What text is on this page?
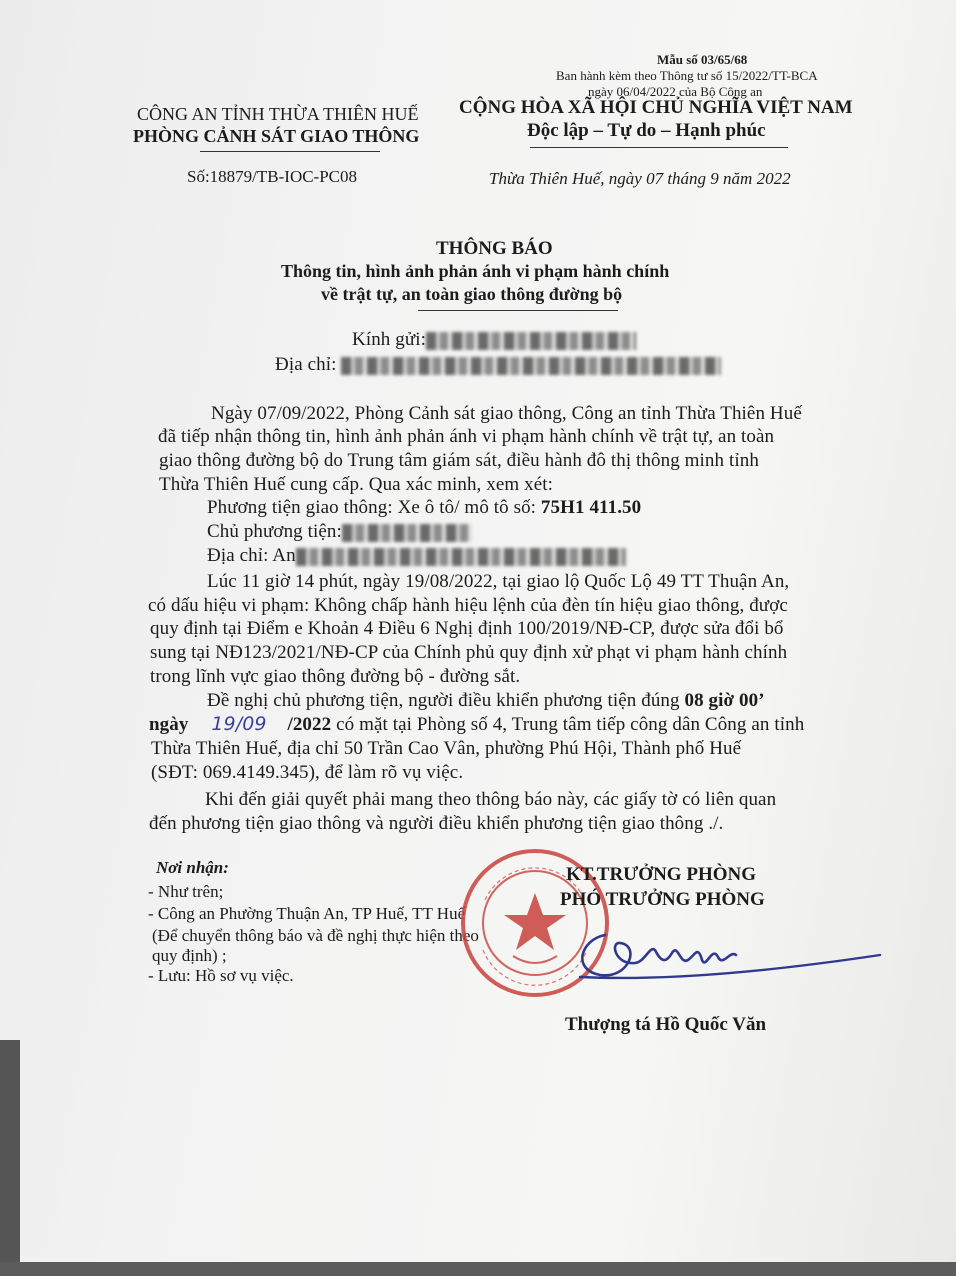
Mẫu số 03/65/68
Ban hành kèm theo Thông tư số 15/2022/TT-BCA
ngày 06/04/2022 của Bộ Công an
CÔNG AN TỈNH THỪA THIÊN HUẾ
PHÒNG CẢNH SÁT GIAO THÔNG
CỘNG HÒA XÃ HỘI CHỦ NGHĨA VIỆT NAM
Độc lập – Tự do – Hạnh phúc
Số:18879/TB-IOC-PC08	Thừa Thiên Huế, ngày 07 tháng 9 năm 2022
THÔNG BÁO
Thông tin, hình ảnh phản ánh vi phạm hành chính
về trật tự, an toàn giao thông đường bộ
Kính gửi:
Địa chỉ:
Ngày 07/09/2022, Phòng Cảnh sát giao thông, Công an tỉnh Thừa Thiên Huế
đã tiếp nhận thông tin, hình ảnh phản ánh vi phạm hành chính về trật tự, an toàn
giao thông đường bộ do Trung tâm giám sát, điều hành đô thị thông minh tỉnh
Thừa Thiên Huế cung cấp. Qua xác minh, xem xét:
Phương tiện giao thông: Xe ô tô/ mô tô số: 75H1 411.50
Chủ phương tiện:
Địa chỉ: An
Lúc 11 giờ 14 phút, ngày 19/08/2022, tại giao lộ Quốc Lộ 49 TT Thuận An,
có dấu hiệu vi phạm: Không chấp hành hiệu lệnh của đèn tín hiệu giao thông, được
quy định tại Điểm e Khoản 4 Điều 6 Nghị định 100/2019/NĐ-CP, được sửa đổi bổ
sung tại NĐ123/2021/NĐ-CP của Chính phủ quy định xử phạt vi phạm hành chính
trong lĩnh vực giao thông đường bộ - đường sắt.
Đề nghị chủ phương tiện, người điều khiển phương tiện đúng 08 giờ 00’
ngày 19/09 /2022 có mặt tại Phòng số 4, Trung tâm tiếp công dân Công an tỉnh
Thừa Thiên Huế, địa chỉ 50 Trần Cao Vân, phường Phú Hội, Thành phố Huế
(SĐT: 069.4149.345), để làm rõ vụ việc.
Khi đến giải quyết phải mang theo thông báo này, các giấy tờ có liên quan
đến phương tiện giao thông và người điều khiển phương tiện giao thông ./.
Nơi nhận:
- Như trên;
- Công an Phường Thuận An, TP Huế, TT Huế
(Để chuyển thông báo và đề nghị thực hiện theo
quy định) ;
- Lưu: Hồ sơ vụ việc.
KT.TRƯỞNG PHÒNG
PHÓ TRƯỞNG PHÒNG
Thượng tá Hồ Quốc Văn
